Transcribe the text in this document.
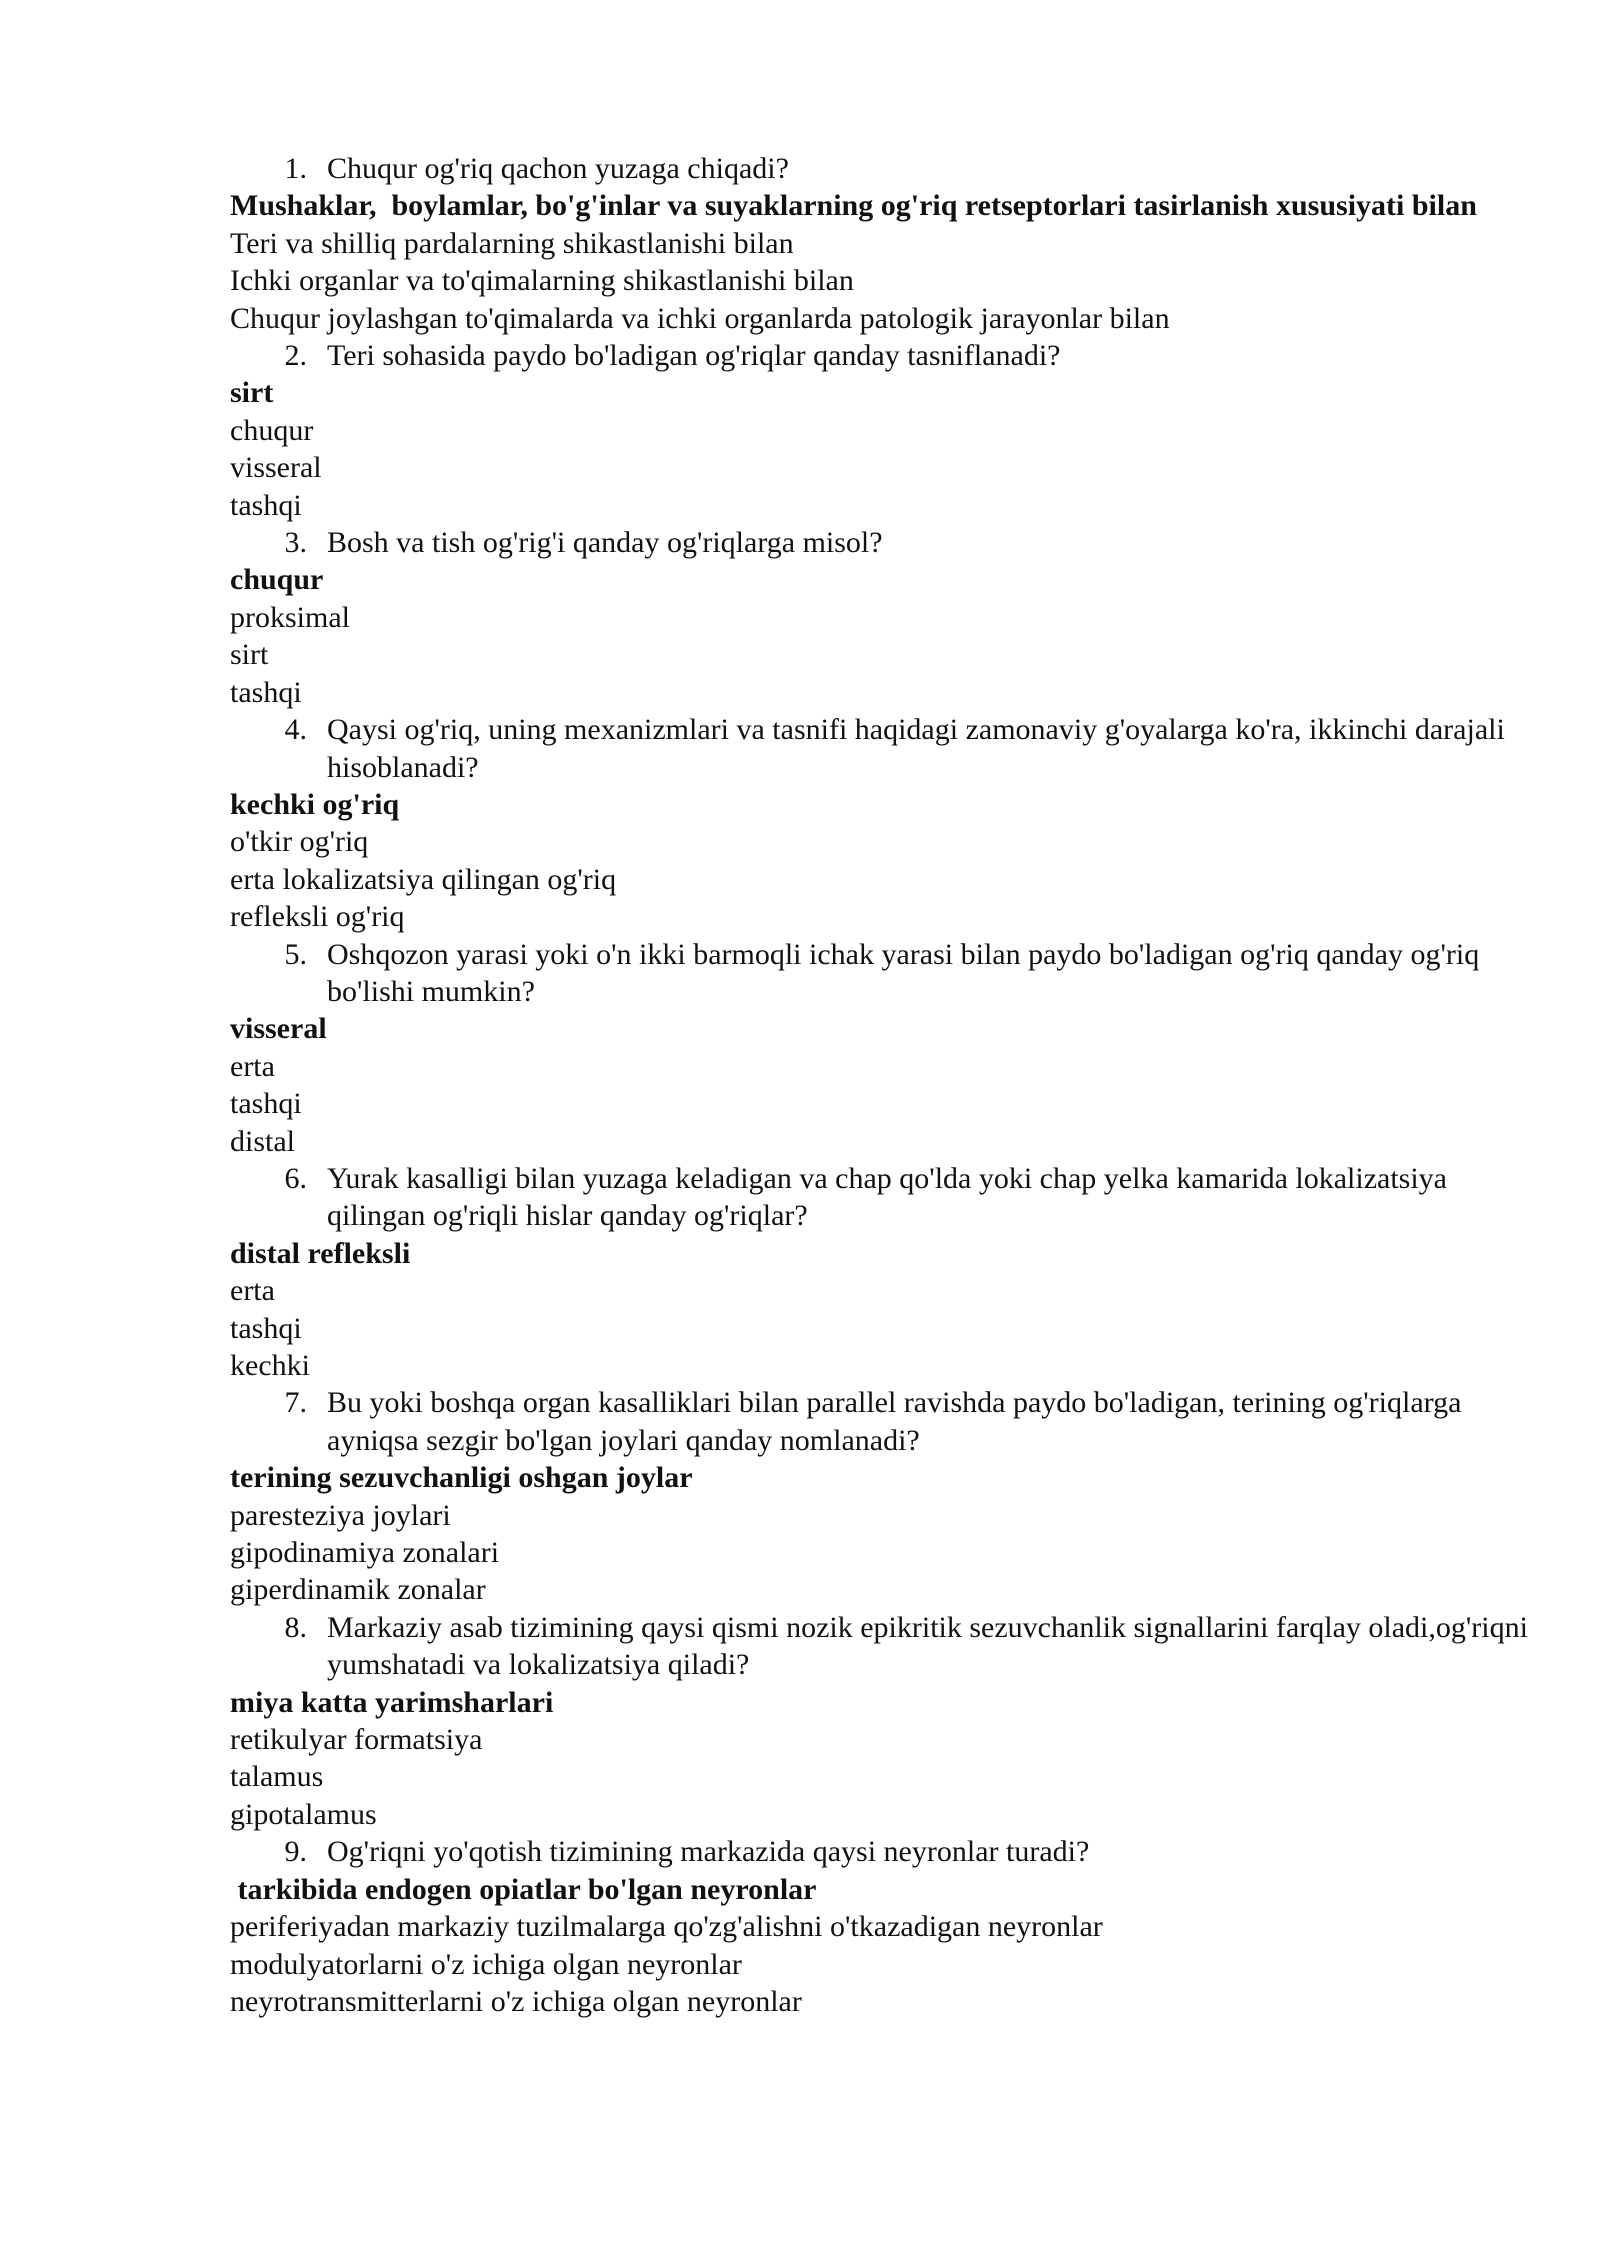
1. Chuqur og'riq qachon yuzaga chiqadi?
Mushaklar,  boylamlar, bo'g'inlar va suyaklarning og'riq retseptorlari tasirlanish xususiyati bilan
Teri va shilliq pardalarning shikastlanishi bilan
Ichki organlar va to'qimalarning shikastlanishi bilan
Chuqur joylashgan to'qimalarda va ichki organlarda patologik jarayonlar bilan
2. Teri sohasida paydo bo'ladigan og'riqlar qanday tasniflanadi?
sirt
chuqur
visseral
tashqi
3. Bosh va tish og'rig'i qanday og'riqlarga misol?
chuqur
proksimal
sirt
tashqi
4. Qaysi og'riq, uning mexanizmlari va tasnifi haqidagi zamonaviy g'oyalarga ko'ra, ikkinchi darajali hisoblanadi?
kechki og'riq
o'tkir og'riq
erta lokalizatsiya qilingan og'riq
refleksli og'riq
5. Oshqozon yarasi yoki o'n ikki barmoqli ichak yarasi bilan paydo bo'ladigan og'riq qanday og'riq bo'lishi mumkin?
visseral
erta
tashqi
distal
6. Yurak kasalligi bilan yuzaga keladigan va chap qo'lda yoki chap yelka kamarida lokalizatsiya qilingan og'riqli hislar qanday og'riqlar?
distal refleksli
erta
tashqi
kechki
7. Bu yoki boshqa organ kasalliklari bilan parallel ravishda paydo bo'ladigan, terining og'riqlarga ayniqsa sezgir bo'lgan joylari qanday nomlanadi?
terining sezuvchanligi oshgan joylar
paresteziya joylari
gipodinamiya zonalari
giperdinamik zonalar
8. Markaziy asab tizimining qaysi qismi nozik epikritik sezuvchanlik signallarini farqlay oladi,og'riqni yumshatadi va lokalizatsiya qiladi?
miya katta yarimsharlari
retikulyar formatsiya
talamus
gipotalamus
9. Og'riqni yo'qotish tizimining markazida qaysi neyronlar turadi?
tarkibida endogen opiatlar bo'lgan neyronlar
periferiyadan markaziy tuzilmalarga qo'zg'alishni o'tkazadigan neyronlar
modulyatorlarni o'z ichiga olgan neyronlar
neyrotransmitterlarni o'z ichiga olgan neyronlar
